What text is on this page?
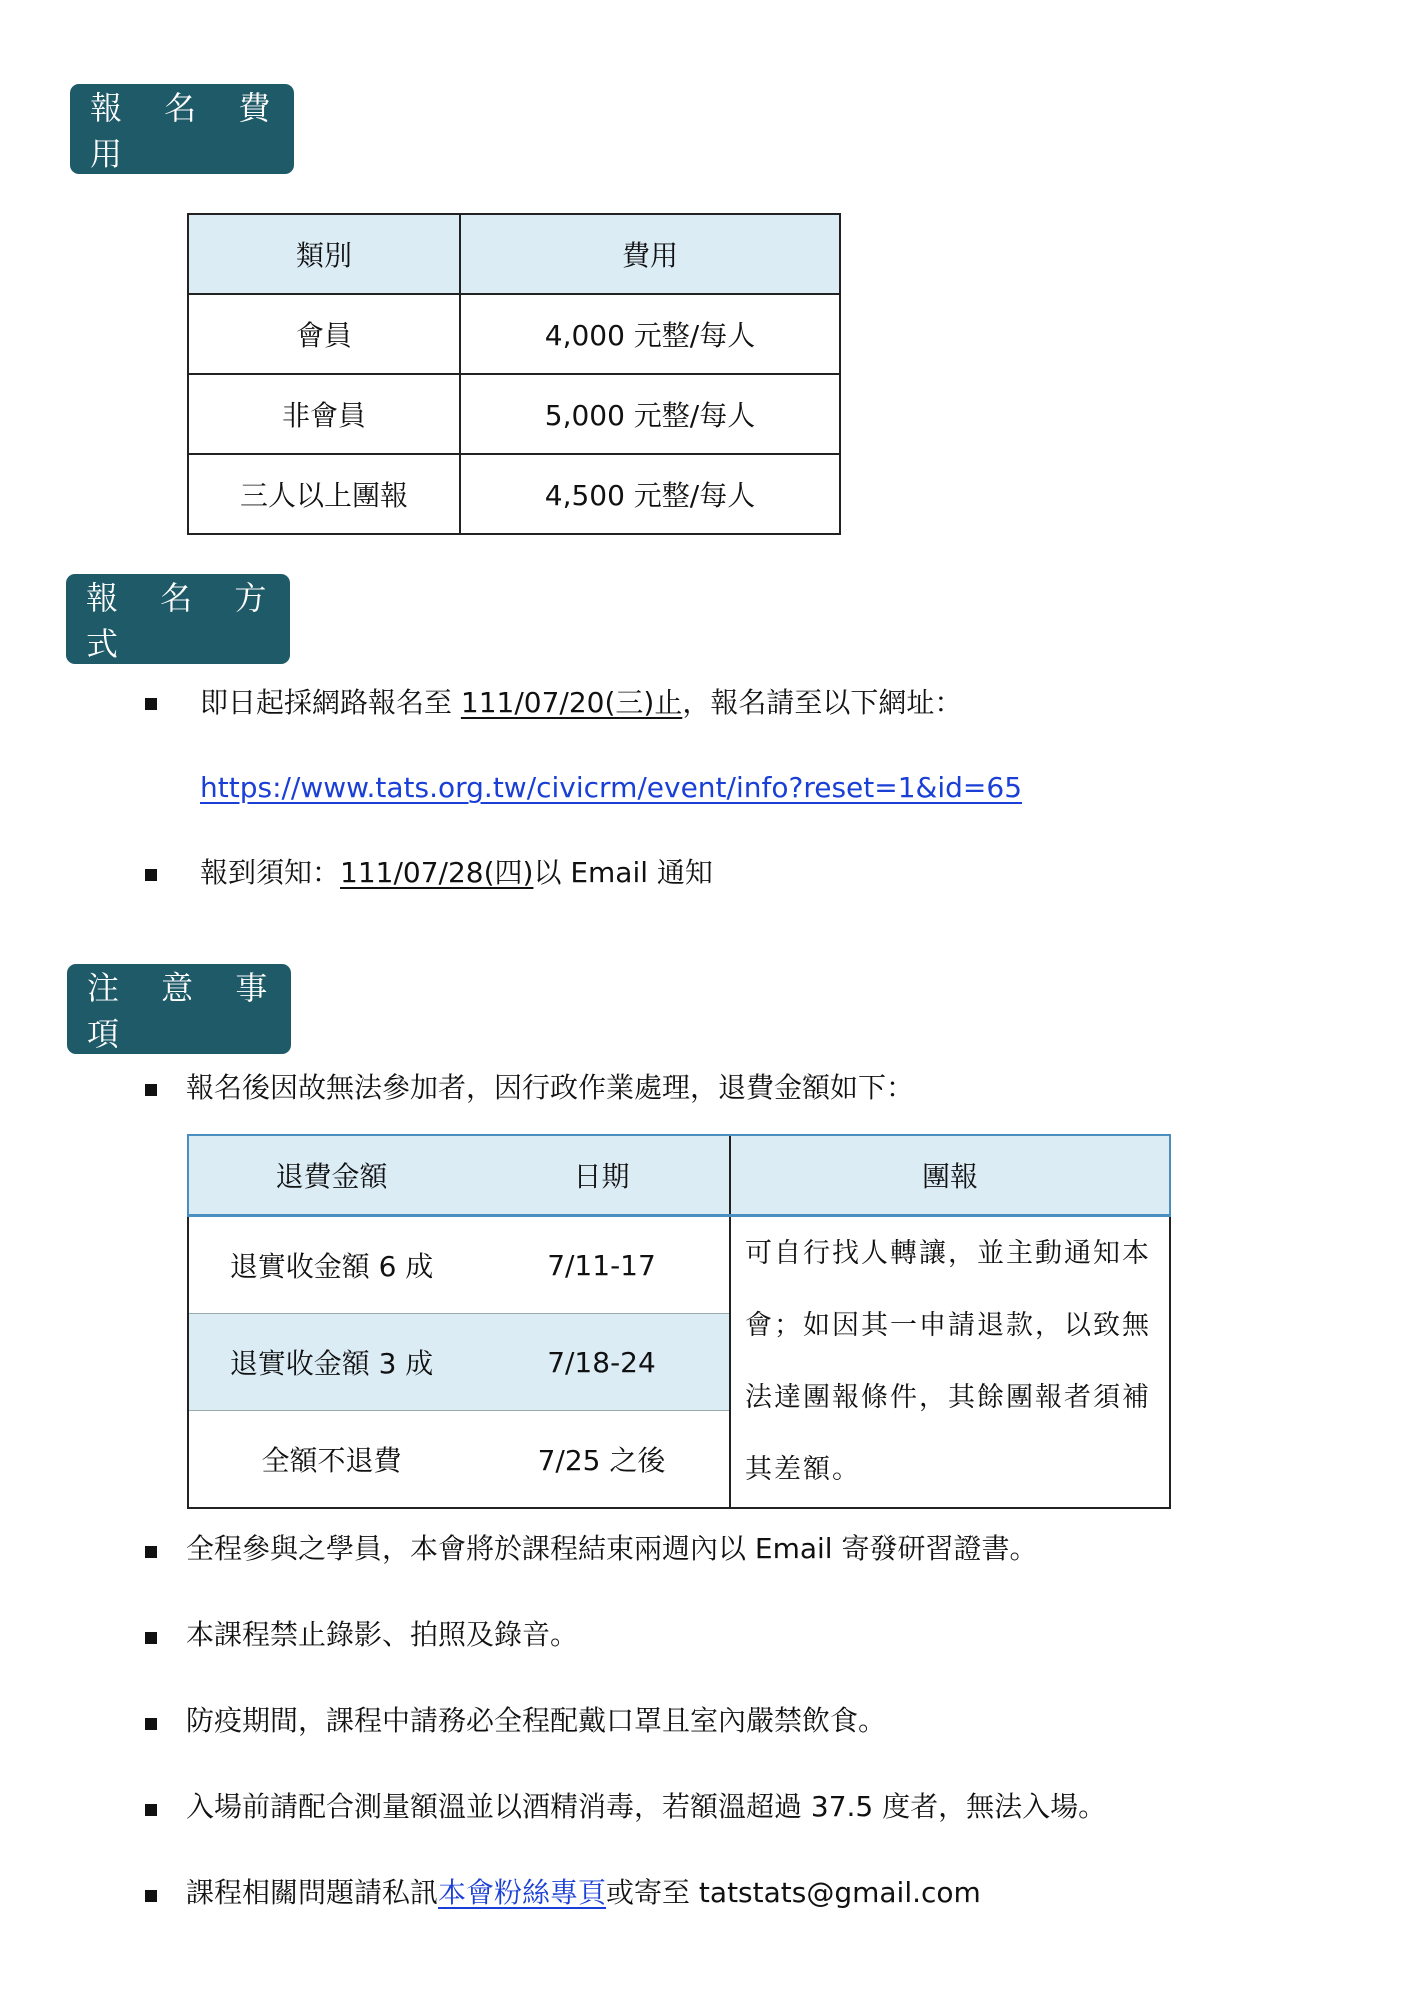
報 名 費 用
類別	費用
會員	4,000 元整/每人
非會員	5,000 元整/每人
三人以上團報	4,500 元整/每人
報 名 方 式
即日起採網路報名至 111/07/20(三)止，報名請至以下網址：
https://www.tats.org.tw/civicrm/event/info?reset=1&id=65
報到須知：111/07/28(四)以 Email 通知
注 意 事 項
報名後因故無法參加者，因行政作業處理，退費金額如下：
退費金額	日期	團報
退實收金額 6 成	7/11-17	可自行找人轉讓，並主動通知本會；如因其一申請退款，以致無法達團報條件，其餘團報者須補其差額。
退實收金額 3 成	7/18-24	
全額不退費	7/25 之後	
全程參與之學員，本會將於課程結束兩週內以 Email 寄發研習證書。
本課程禁止錄影、拍照及錄音。
防疫期間，課程中請務必全程配戴口罩且室內嚴禁飲食。
入場前請配合測量額溫並以酒精消毒，若額溫超過 37.5 度者，無法入場。
課程相關問題請私訊本會粉絲專頁或寄至 tatstats@gmail.com
